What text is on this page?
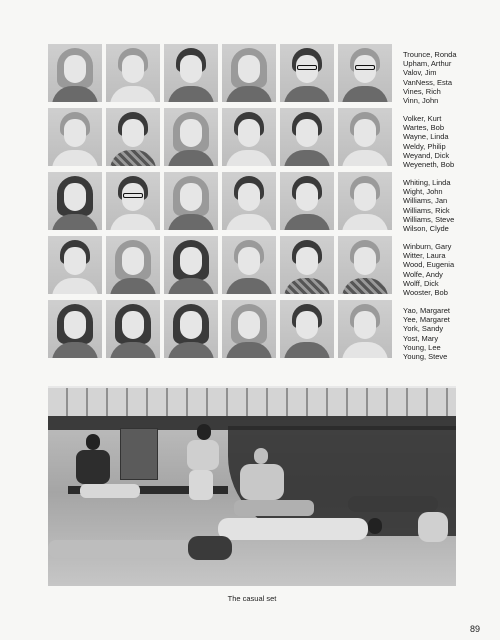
Trounce, Ronda
Upham, Arthur
Valov, Jim
VanNess, Esta
Vines, Rich
Vinn, John
Volker, Kurt
Wartes, Bob
Wayne, Linda
Weldy, Philip
Weyand, Dick
Weyeneth, Bob
Whiting, Linda
Wight, John
Williams, Jan
Williams, Rick
Williams, Steve
Wilson, Clyde
Winburn, Gary
Witter, Laura
Wood, Eugenia
Wolfe, Andy
Wolff, Dick
Wooster, Bob
Yao, Margaret
Yee, Margaret
York, Sandy
Yost, Mary
Young, Lee
Young, Steve
The casual set
89
